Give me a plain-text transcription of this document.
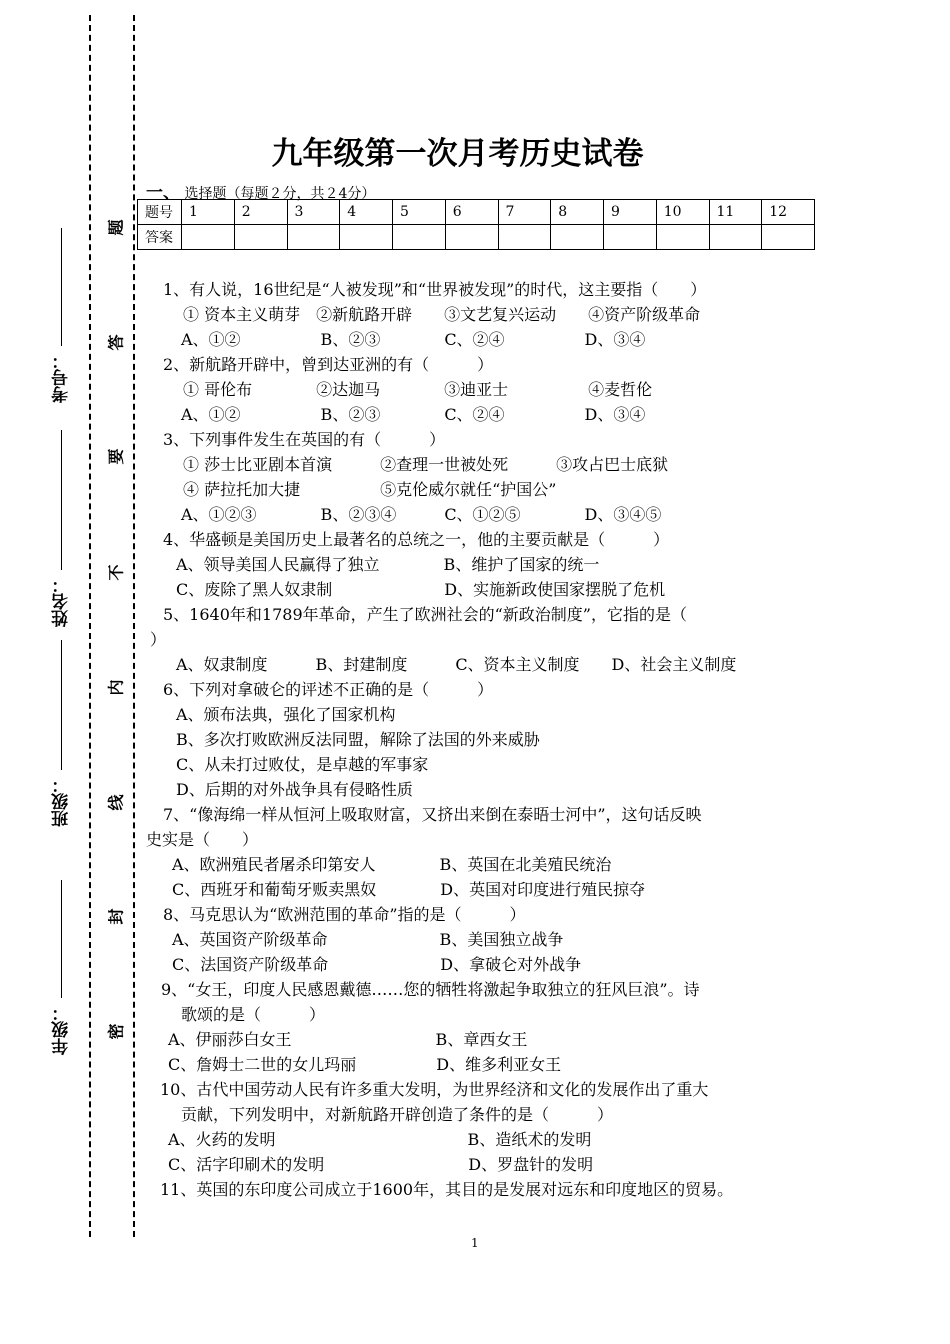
考号：
姓名：
班级：
年级：
题
答
要
不
内
线
封
密
九年级第一次月考历史试卷
一、 选择题（每题２分，共２4分）
题号	1	2	3	4	5	6	7	8	9	10	11	12
答案												
1、有人说，16世纪是“人被发现”和“世界被发现”的时代，这主要指（　　）
① 资本主义萌芽　②新航路开辟　　③文艺复兴运动　　④资产阶级革命
A、①②　　　　　B、②③　　　　C、②④　　　　　D、③④
2、新航路开辟中，曾到达亚洲的有（　　　）
① 哥伦布　　　　②达迦马　　　　③迪亚士　　　　　④麦哲伦
A、①②　　　　　B、②③　　　　C、②④　　　　　D、③④
3、下列事件发生在英国的有（　　　）
① 莎士比亚剧本首演　　　②查理一世被处死　　　③攻占巴士底狱
④ 萨拉托加大捷　　　　　⑤克伦威尔就任“护国公”
A、①②③　　　　B、②③④　　　C、①②⑤　　　　D、③④⑤
4、华盛顿是美国历史上最著名的总统之一，他的主要贡献是（　　　）
A、领导美国人民赢得了独立　　　　B、维护了国家的统一
C、废除了黑人奴隶制　　　　　　　D、实施新政使国家摆脱了危机
5、1640年和1789年革命，产生了欧洲社会的“新政治制度”，它指的是（
）
A、奴隶制度　　　B、封建制度　　　C、资本主义制度　　D、社会主义制度
6、下列对拿破仑的评述不正确的是（　　　）
A、颁布法典，强化了国家机构
B、多次打败欧洲反法同盟，解除了法国的外来威胁
C、从未打过败仗，是卓越的军事家
D、后期的对外战争具有侵略性质
7、“像海绵一样从恒河上吸取财富，又挤出来倒在泰晤士河中”，这句话反映
史实是（　　）
A、欧洲殖民者屠杀印第安人　　　　B、英国在北美殖民统治
C、西班牙和葡萄牙贩卖黑奴　　　　D、英国对印度进行殖民掠夺
8、马克思认为“欧洲范围的革命”指的是（　　　）
A、英国资产阶级革命　　　　　　　B、美国独立战争
C、法国资产阶级革命　　　　　　　D、拿破仑对外战争
9、“女王，印度人民感恩戴德……您的牺牲将激起争取独立的狂风巨浪”。诗
歌颂的是（　　　）
A、伊丽莎白女王　　　　　　　　　B、章西女王
C、詹姆士二世的女儿玛丽　　　　　D、维多利亚女王
10、古代中国劳动人民有许多重大发明，为世界经济和文化的发展作出了重大
贡献，下列发明中，对新航路开辟创造了条件的是（　　　）
A、火药的发明　　　　　　　　　　　　B、造纸术的发明
C、活字印刷术的发明　　　　　　　　　D、罗盘针的发明
11、英国的东印度公司成立于1600年，其目的是发展对远东和印度地区的贸易。
1
